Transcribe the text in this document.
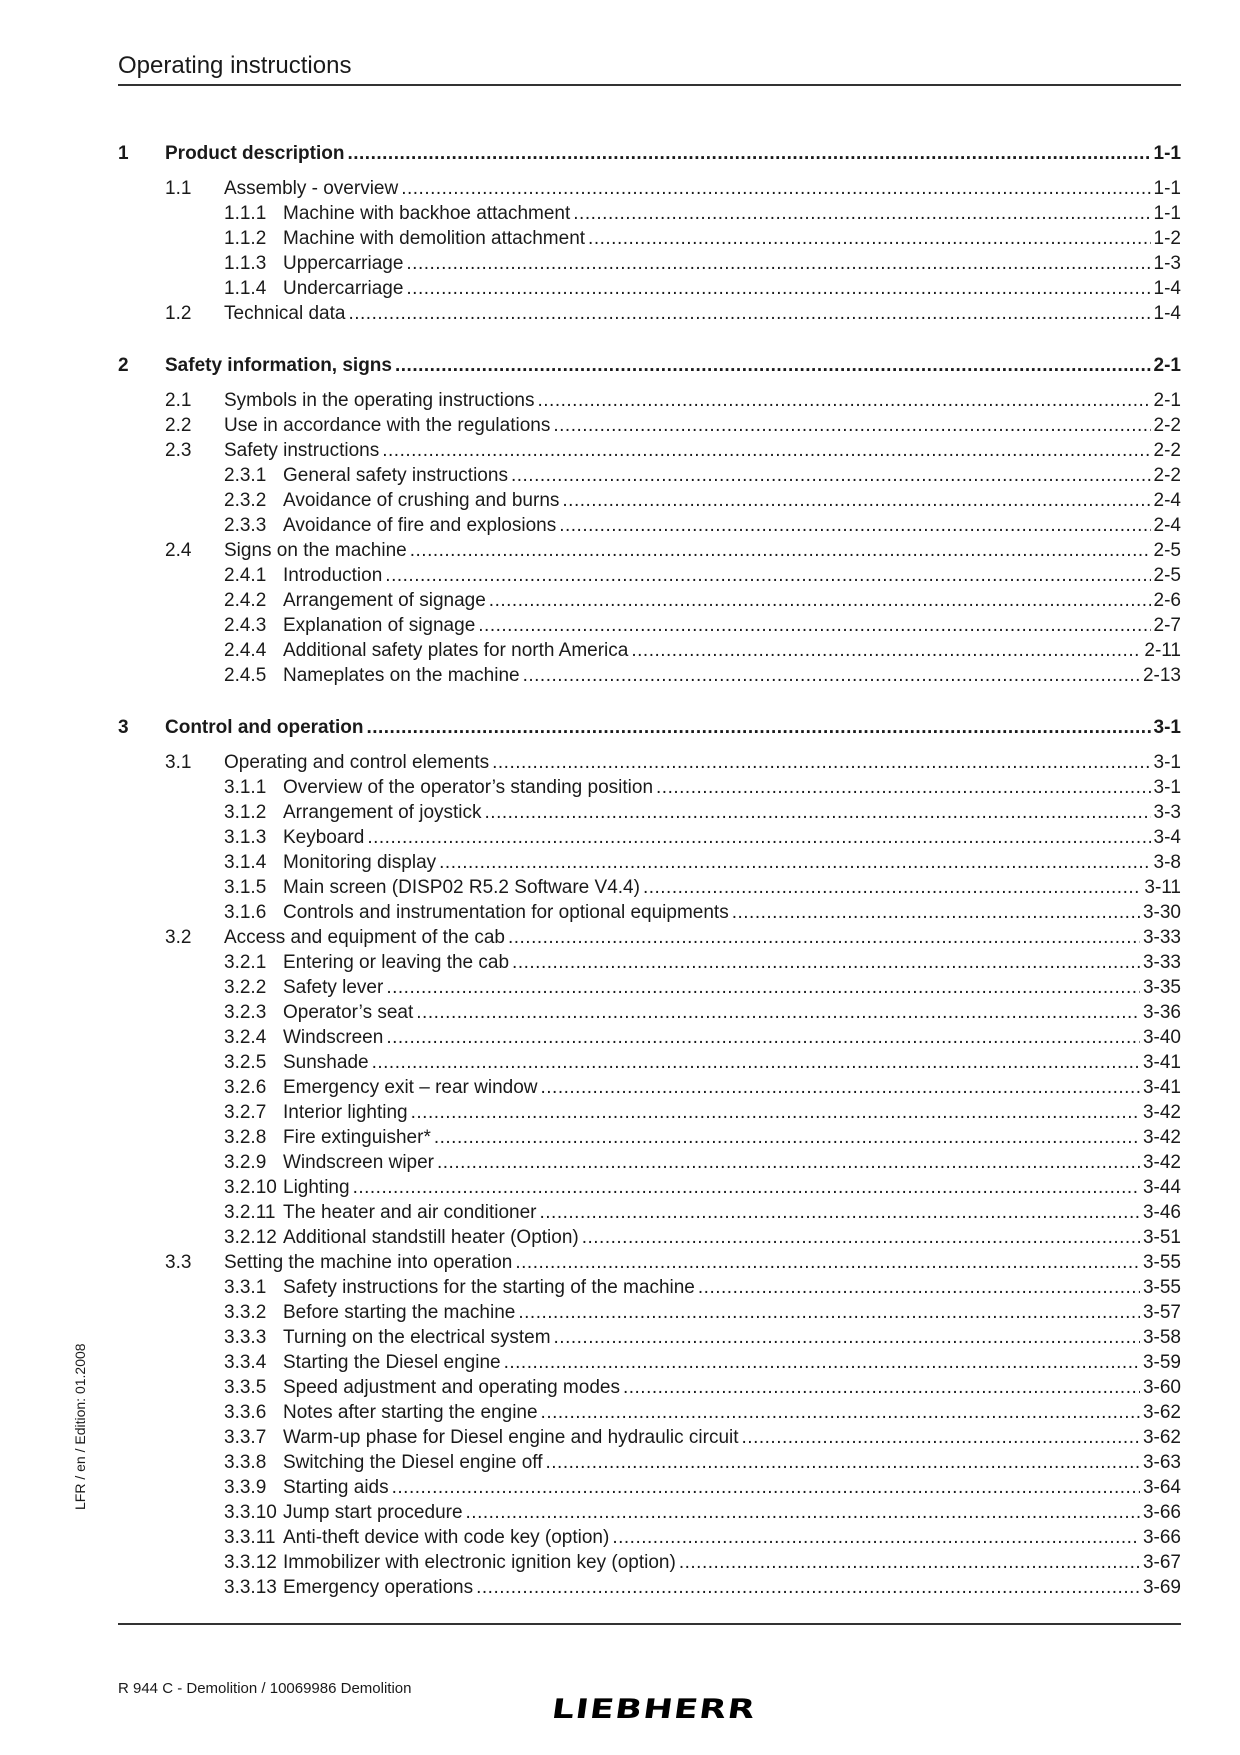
Operating instructions
1	Product description .....	1-1
1.1	Assembly - overview .....	1-1
1.1.1 Machine with backhoe attachment .....	1-1
1.1.2 Machine with demolition attachment .....	1-2
1.1.3 Uppercarriage .....	1-3
1.1.4 Undercarriage .....	1-4
1.2	Technical data .....	1-4
2	Safety information, signs .....	2-1
2.1	Symbols in the operating instructions .....	2-1
2.2	Use in accordance with the regulations .....	2-2
2.3	Safety instructions .....	2-2
2.3.1 General safety instructions .....	2-2
2.3.2 Avoidance of crushing and burns .....	2-4
2.3.3 Avoidance of fire and explosions .....	2-4
2.4	Signs on the machine .....	2-5
2.4.1 Introduction .....	2-5
2.4.2 Arrangement of signage .....	2-6
2.4.3 Explanation of signage .....	2-7
2.4.4 Additional safety plates for north America .....	2-11
2.4.5 Nameplates on the machine .....	2-13
3	Control and operation .....	3-1
3.1	Operating and control elements .....	3-1
3.1.1 Overview of the operator’s standing position .....	3-1
3.1.2 Arrangement of joystick .....	3-3
3.1.3 Keyboard .....	3-4
3.1.4 Monitoring display .....	3-8
3.1.5 Main screen (DISP02 R5.2 Software V4.4) .....	3-11
3.1.6 Controls and instrumentation for optional equipments .....	3-30
3.2	Access and equipment of the cab .....	3-33
3.2.1 Entering or leaving the cab .....	3-33
3.2.2 Safety lever .....	3-35
3.2.3 Operator’s seat .....	3-36
3.2.4 Windscreen .....	3-40
3.2.5 Sunshade .....	3-41
3.2.6 Emergency exit – rear window .....	3-41
3.2.7 Interior lighting .....	3-42
3.2.8 Fire extinguisher* .....	3-42
3.2.9 Windscreen wiper .....	3-42
3.2.10 Lighting .....	3-44
3.2.11 The heater and air conditioner .....	3-46
3.2.12 Additional standstill heater (Option) .....	3-51
3.3	Setting the machine into operation .....	3-55
3.3.1 Safety instructions for the starting of the machine .....	3-55
3.3.2 Before starting the machine .....	3-57
3.3.3 Turning on the electrical system .....	3-58
3.3.4 Starting the Diesel engine .....	3-59
3.3.5 Speed adjustment and operating modes .....	3-60
3.3.6 Notes after starting the engine .....	3-62
3.3.7 Warm-up phase for Diesel engine and hydraulic circuit .....	3-62
3.3.8 Switching the Diesel engine off .....	3-63
3.3.9 Starting aids .....	3-64
3.3.10 Jump start procedure .....	3-66
3.3.11 Anti-theft device with code key (option) .....	3-66
3.3.12 Immobilizer with electronic ignition key (option) .....	3-67
3.3.13 Emergency operations .....	3-69
LFR / en / Edition: 01.2008
R 944 C - Demolition / 10069986 Demolition
LIEBHERR
